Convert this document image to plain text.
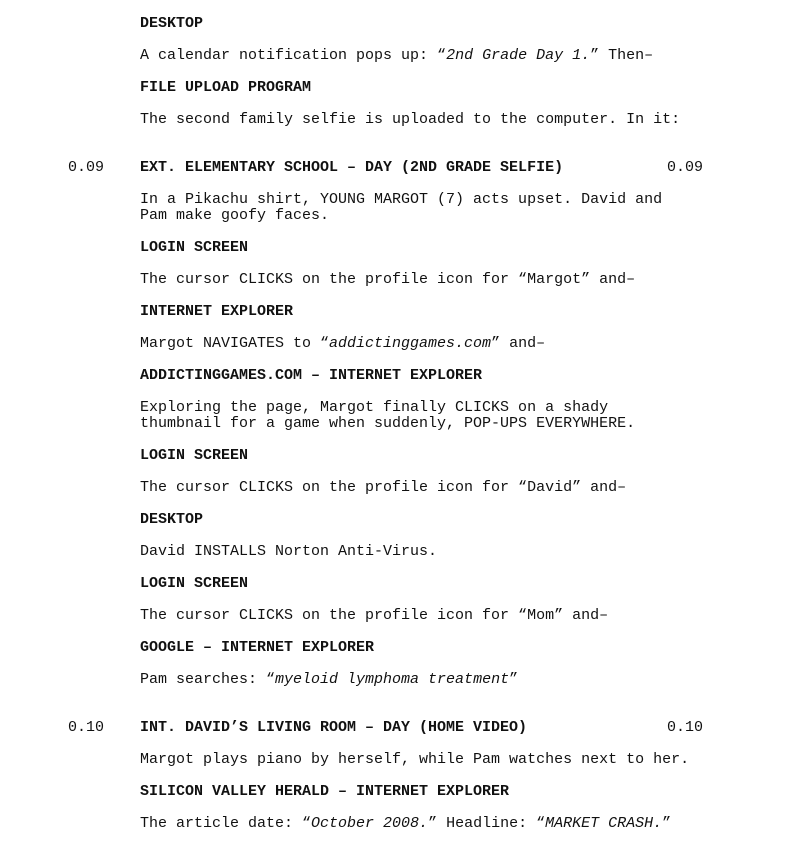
DESKTOP
A calendar notification pops up: “2nd Grade Day 1.” Then–
FILE UPLOAD PROGRAM
The second family selfie is uploaded to the computer. In it:
0.09 EXT. ELEMENTARY SCHOOL – DAY (2ND GRADE SELFIE)	0.09
In a Pikachu shirt, YOUNG MARGOT (7) acts upset. David and
Pam make goofy faces.
LOGIN SCREEN
The cursor CLICKS on the profile icon for “Margot” and–
INTERNET EXPLORER
Margot NAVIGATES to “addictinggames.com” and–
ADDICTINGGAMES.COM – INTERNET EXPLORER
Exploring the page, Margot finally CLICKS on a shady
thumbnail for a game when suddenly, POP-UPS EVERYWHERE.
LOGIN SCREEN
The cursor CLICKS on the profile icon for “David” and–
DESKTOP
David INSTALLS Norton Anti-Virus.
LOGIN SCREEN
The cursor CLICKS on the profile icon for “Mom” and–
GOOGLE – INTERNET EXPLORER
Pam searches: “myeloid lymphoma treatment”
0.10 INT. DAVID’S LIVING ROOM – DAY (HOME VIDEO)	0.10
Margot plays piano by herself, while Pam watches next to her.
SILICON VALLEY HERALD – INTERNET EXPLORER
The article date: “October 2008.” Headline: “MARKET CRASH.”
